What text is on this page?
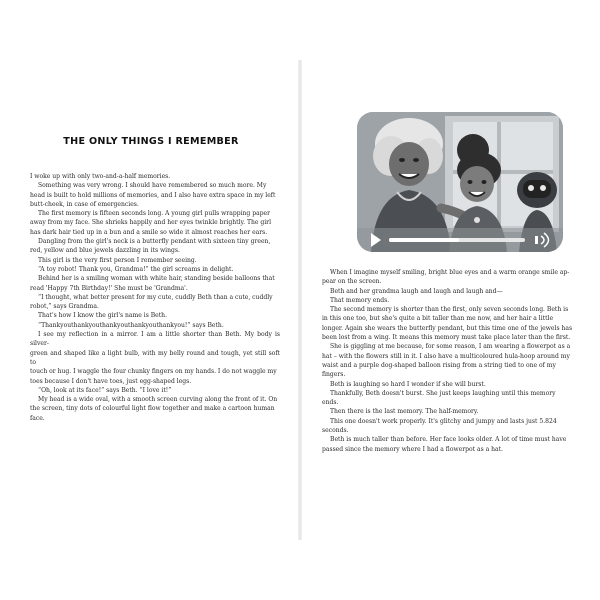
THE ONLY THINGS I REMEMBER

I woke up with only two-and-a-half memories.

Something was very wrong. I should have remembered so much more. My

head is built to hold millions of memories, and I also have extra space in my left

butt-cheek, in case of emergencies.

The first memory is fifteen seconds long. A young girl pulls wrapping paper

away from my face. She shrieks happily and her eyes twinkle brightly. The girl

has dark hair tied up in a bun and a smile so wide it almost reaches her ears.

Dangling from the girl's neck is a butterfly pendant with sixteen tiny green,

red, yellow and blue jewels dazzling in its wings.

This girl is the very first person I remember seeing.

“A toy robot! Thank you, Grandma!” the girl screams in delight.

Behind her is a smiling woman with white hair, standing beside balloons that

read 'Happy 7th Birthday!' She must be 'Grandma'.

“I thought, what better present for my cute, cuddly Beth than a cute, cuddly

robot,” says Grandma.

That's how I know the girl's name is Beth.

“Thankyouthankyouthankyouthankyouthankyou!” says Beth.

I see my reflection in a mirror. I am a little shorter than Beth. My body is silver-

green and shaped like a light bulb, with my belly round and tough, yet still soft to

touch or hug. I waggle the four chunky fingers on my hands. I do not waggle my

toes because I don't have toes, just egg-shaped legs.

“Oh, look at its face!” says Beth. “I love it!”

My head is a wide oval, with a smooth screen curving along the front of it. On

the screen, tiny dots of colourful light flow together and make a cartoon human

face.

When I imagine myself smiling, bright blue eyes and a warm orange smile ap-

pear on the screen.

Beth and her grandma laugh and laugh and laugh and—

That memory ends.

The second memory is shorter than the first, only seven seconds long. Beth is

in this one too, but she's quite a bit taller than me now, and her hair a little

longer. Again she wears the butterfly pendant, but this time one of the jewels has

been lost from a wing. It means this memory must take place later than the first.

She is giggling at me because, for some reason, I am wearing a flowerpot as a

hat – with the flowers still in it. I also have a multicoloured hula-hoop around my

waist and a purple dog-shaped balloon rising from a string tied to one of my

fingers.

Beth is laughing so hard I wonder if she will burst.

Thankfully, Beth doesn't burst. She just keeps laughing until this memory

ends.

Then there is the last memory. The half-memory.

This one doesn't work properly. It's glitchy and jumpy and lasts just 5.824

seconds.

Beth is much taller than before. Her face looks older. A lot of time must have

passed since the memory where I had a flowerpot as a hat.
